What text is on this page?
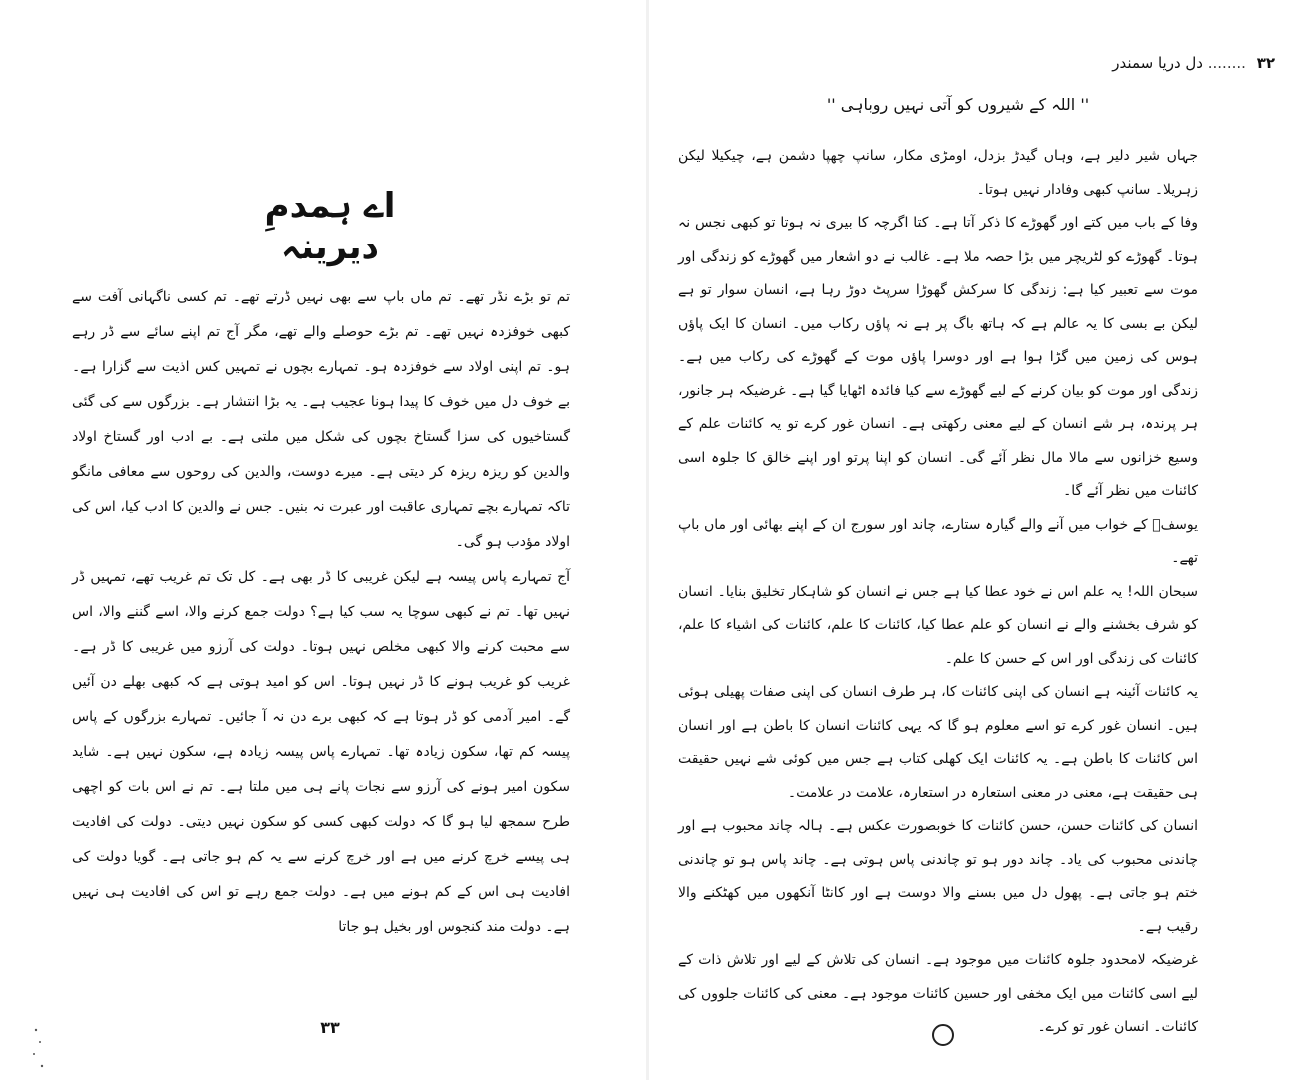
اے ہمدمِ دیرینہ

تم تو بڑے نڈر تھے۔ تم ماں باپ سے بھی نہیں ڈرتے تھے۔ تم کسی ناگہانی آفت سے کبھی خوفزدہ نہیں تھے۔ تم بڑے حوصلے والے تھے، مگر آج تم اپنے سائے سے ڈر رہے ہو۔ تم اپنی اولاد سے خوفزدہ ہو۔ تمہارے بچوں نے تمہیں کس اذیت سے گزارا ہے۔ بے خوف دل میں خوف کا پیدا ہونا عجیب ہے۔ یہ بڑا انتشار ہے۔ بزرگوں سے کی گئی گستاخیوں کی سزا گستاخ بچوں کی شکل میں ملتی ہے۔ بے ادب اور گستاخ اولاد والدین کو ریزہ ریزہ کر دیتی ہے۔ میرے دوست، والدین کی روحوں سے معافی مانگو تاکہ تمہارے بچے تمہاری عاقبت اور عبرت نہ بنیں۔ جس نے والدین کا ادب کیا، اس کی اولاد مؤدب ہو گی۔

آج تمہارے پاس پیسہ ہے لیکن غریبی کا ڈر بھی ہے۔ کل تک تم غریب تھے، تمہیں ڈر نہیں تھا۔ تم نے کبھی سوچا یہ سب کیا ہے؟ دولت جمع کرنے والا، اسے گننے والا، اس سے محبت کرنے والا کبھی مخلص نہیں ہوتا۔ دولت کی آرزو میں غریبی کا ڈر ہے۔ غریب کو غریب ہونے کا ڈر نہیں ہوتا۔ اس کو امید ہوتی ہے کہ کبھی بھلے دن آئیں گے۔ امیر آدمی کو ڈر ہوتا ہے کہ کبھی برے دن نہ آ جائیں۔ تمہارے بزرگوں کے پاس پیسہ کم تھا، سکون زیادہ تھا۔ تمہارے پاس پیسہ زیادہ ہے، سکون نہیں ہے۔ شاید سکون امیر ہونے کی آرزو سے نجات پانے ہی میں ملتا ہے۔ تم نے اس بات کو اچھی طرح سمجھ لیا ہو گا کہ دولت کبھی کسی کو سکون نہیں دیتی۔ دولت کی افادیت ہی پیسے خرچ کرنے میں ہے اور خرچ کرنے سے یہ کم ہو جاتی ہے۔ گویا دولت کی افادیت ہی اس کے کم ہونے میں ہے۔ دولت جمع رہے تو اس کی افادیت ہی نہیں ہے۔ دولت مند کنجوس اور بخیل ہو جاتا

۳۳
۳۲ ........ دل دریا سمندر
'' اللہ کے شیروں کو آتی نہیں روباہی ''

جہاں شیر دلیر ہے، وہاں گیدڑ بزدل، اومڑی مکار، سانپ چھپا دشمن ہے، چیکیلا لیکن زہریلا۔ سانپ کبھی وفادار نہیں ہوتا۔

وفا کے باب میں کتے اور گھوڑے کا ذکر آتا ہے۔ کتا اگرچہ کا بیری نہ ہوتا تو کبھی نجس نہ ہوتا۔ گھوڑے کو لٹریچر میں بڑا حصہ ملا ہے۔ غالب نے دو اشعار میں گھوڑے کو زندگی اور موت سے تعبیر کیا ہے: زندگی کا سرکش گھوڑا سرپٹ دوڑ رہا ہے، انسان سوار تو ہے لیکن بے بسی کا یہ عالم ہے کہ ہاتھ باگ پر ہے نہ پاؤں رکاب میں۔ انسان کا ایک پاؤں ہوس کی زمین میں گڑا ہوا ہے اور دوسرا پاؤں موت کے گھوڑے کی رکاب میں ہے۔ زندگی اور موت کو بیان کرنے کے لیے گھوڑے سے کیا فائدہ اٹھایا گیا ہے۔ غرضیکہ ہر جانور، ہر پرندہ، ہر شے انسان کے لیے معنی رکھتی ہے۔ انسان غور کرے تو یہ کائنات علم کے وسیع خزانوں سے مالا مال نظر آئے گی۔ انسان کو اپنا پرتو اور اپنے خالق کا جلوہ اسی کائنات میں نظر آئے گا۔

یوسفؑ کے خواب میں آنے والے گیارہ ستارے، چاند اور سورج ان کے اپنے بھائی اور ماں باپ تھے۔

سبحان اللہ! یہ علم اس نے خود عطا کیا ہے جس نے انسان کو شاہکار تخلیق بنایا۔ انسان کو شرف بخشنے والے نے انسان کو علم عطا کیا، کائنات کا علم، کائنات کی اشیاء کا علم، کائنات کی زندگی اور اس کے حسن کا علم۔

یہ کائنات آئینہ ہے انسان کی اپنی کائنات کا، ہر طرف انسان کی اپنی صفات پھیلی ہوئی ہیں۔ انسان غور کرے تو اسے معلوم ہو گا کہ یہی کائنات انسان کا باطن ہے اور انسان اس کائنات کا باطن ہے۔ یہ کائنات ایک کھلی کتاب ہے جس میں کوئی شے نہیں حقیقت ہی حقیقت ہے، معنی در معنی استعارہ در استعارہ، علامت در علامت۔

انسان کی کائنات حسن، حسن کائنات کا خوبصورت عکس ہے۔ ہالہ چاند محبوب ہے اور چاندنی محبوب کی یاد۔ چاند دور ہو تو چاندنی پاس ہوتی ہے۔ چاند پاس ہو تو چاندنی ختم ہو جاتی ہے۔ پھول دل میں بسنے والا دوست ہے اور کانٹا آنکھوں میں کھٹکنے والا رقیب ہے۔

غرضیکہ لامحدود جلوہ کائنات میں موجود ہے۔ انسان کی تلاش کے لیے اور تلاش ذات کے لیے اسی کائنات میں ایک مخفی اور حسین کائنات موجود ہے۔ معنی کی کائنات جلووں کی کائنات۔ انسان غور تو کرے۔
